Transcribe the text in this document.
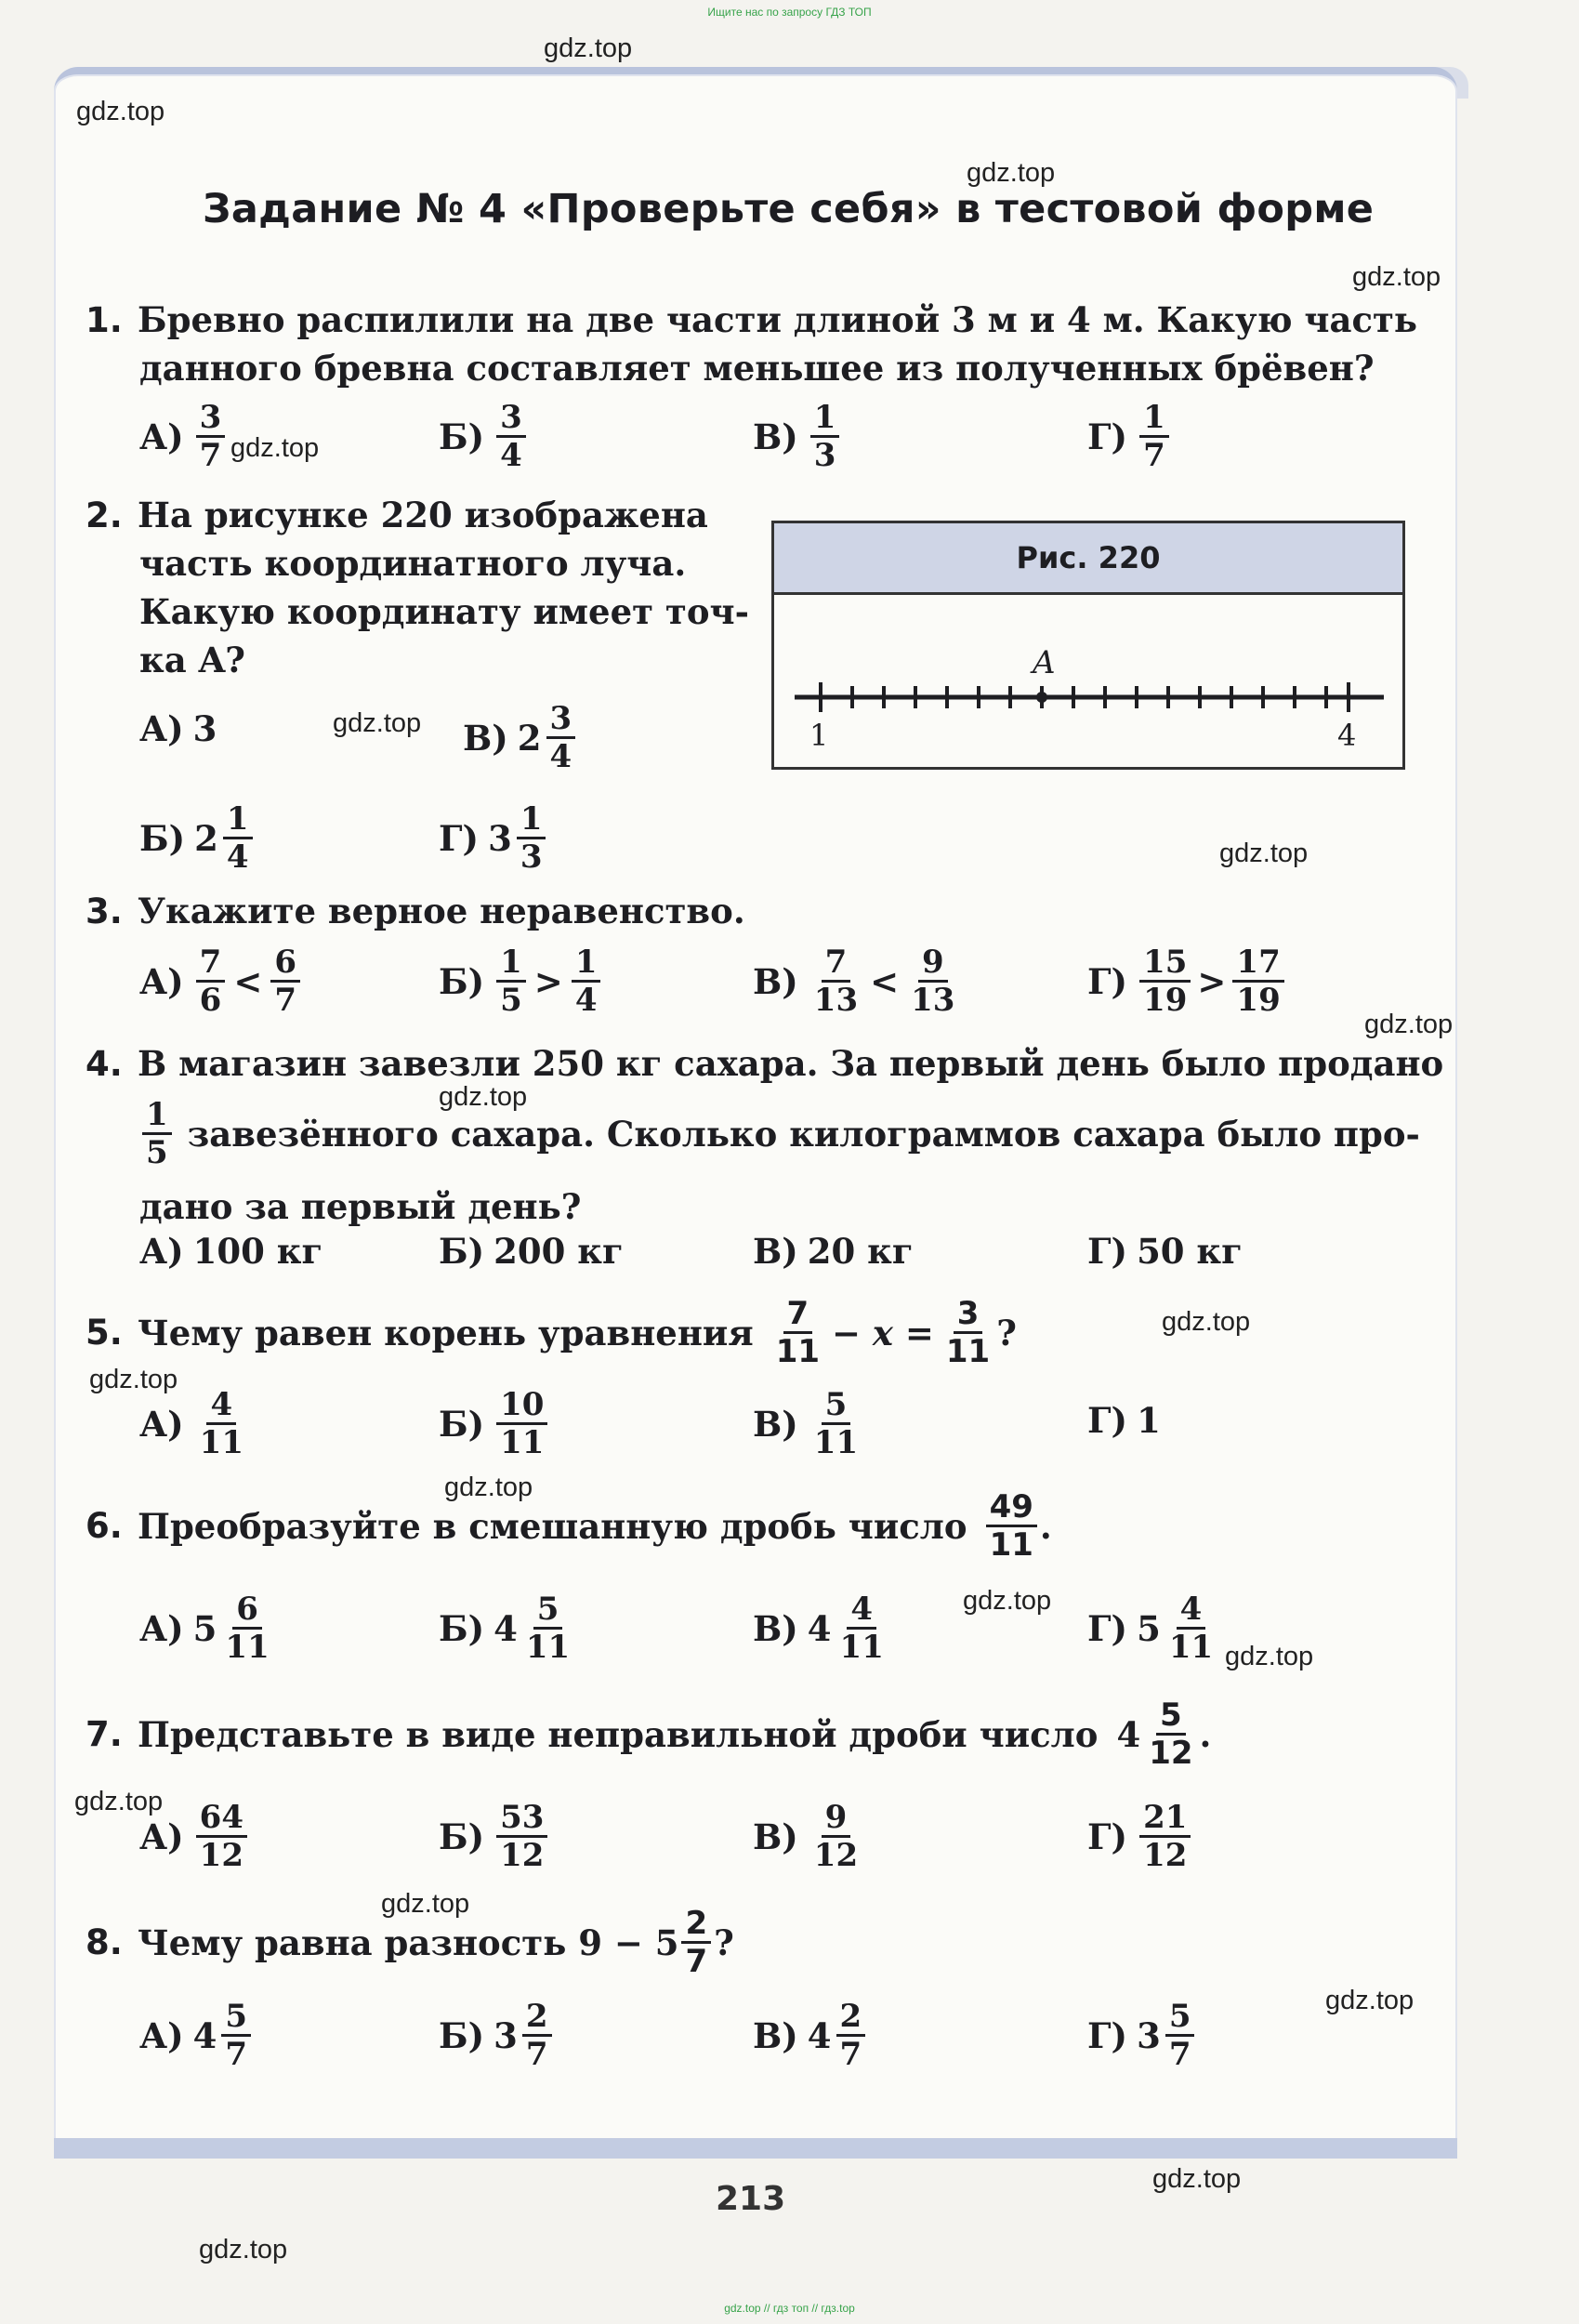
Ищите нас по запросу ГДЗ ТОП
gdz.top
gdz.top
gdz.top
gdz.top
gdz.top
gdz.top
gdz.top
gdz.top
gdz.top
gdz.top
gdz.top
gdz.top
gdz.top
gdz.top
gdz.top
gdz.top
gdz.top
gdz.top
gdz.top
Задание № 4 «Проверьте себя» в тестовой форме
1. Бревно распилили на две части длиной 3 м и 4 м. Какую часть
данного бревна составляет меньшее из полученных брёвен?
$А) \frac{3}{7}$	$Б) \frac{3}{4}$	$В) \frac{1}{3}$	$Г) \frac{1}{7}$
2. На рисунке 220 изображена
часть координатного луча.
Какую координату имеет точ-
ка A?
Рис. 220
A
1	4
А) 3	В) $2 \frac{3}{4}$
Б) $2 \frac{1}{4}$	Г) $3 \frac{1}{3}$
3. Укажите верное неравенство.
$А) \frac{7}{6} < \frac{6}{7}$	$Б) \frac{1}{5} > \frac{1}{4}$	$В) \frac{7}{13} < \frac{9}{13}$	$Г) \frac{15}{19} > \frac{17}{19}$
4. В магазин завезли 250 кг сахара. За первый день было продано
$\frac{1}{5}$ завезённого сахара. Сколько килограммов сахара было про-
дано за первый день?
А) 100 кг	Б) 200 кг	В) 20 кг	Г) 50 кг
5. Чему равен корень уравнения $\frac{7}{11} - x = \frac{3}{11}$ ?
$А) \frac{4}{11}$	$Б) \frac{10}{11}$	$В) \frac{5}{11}$	Г) 1
6. Преобразуйте в смешанную дробь число $\frac{49}{11}$ .
А) $5 \frac{6}{11}$	Б) $4 \frac{5}{11}$	В) $4 \frac{4}{11}$	Г) $5 \frac{4}{11}$
7. Представьте в виде неправильной дроби число $4 \frac{5}{12}$ .
$А) \frac{64}{12}$	$Б) \frac{53}{12}$	$В) \frac{9}{12}$	$Г) \frac{21}{12}$
8. Чему равна разность $9 - 5 \frac{2}{7}$ ?
А) $4 \frac{5}{7}$	Б) $3 \frac{2}{7}$	В) $4 \frac{2}{7}$	Г) $3 \frac{5}{7}$
213
gdz.top // гдз топ // гдз.top
